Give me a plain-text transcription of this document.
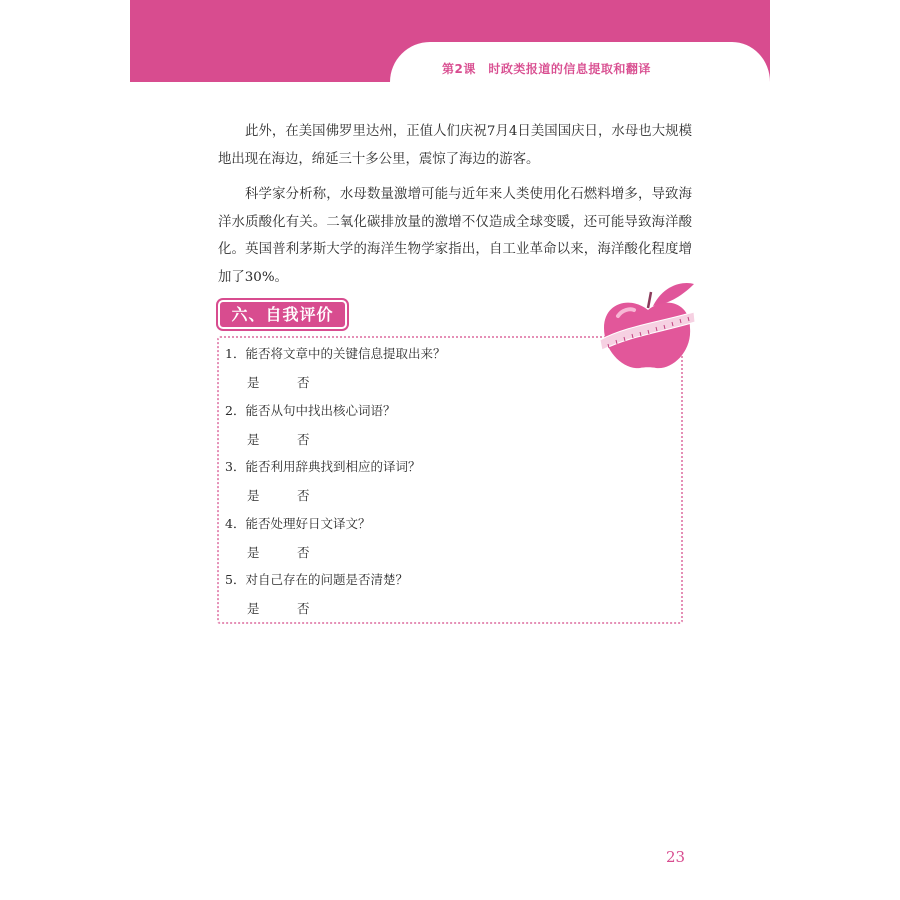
第2课　时政类报道的信息提取和翻译

此外，在美国佛罗里达州，正值人们庆祝7月4日美国国庆日，水母也大规模地出现在海边，绵延三十多公里，震惊了海边的游客。

科学家分析称，水母数量激增可能与近年来人类使用化石燃料增多，导致海洋水质酸化有关。二氧化碳排放量的激增不仅造成全球变暖，还可能导致海洋酸化。英国普利茅斯大学的海洋生物学家指出，自工业革命以来，海洋酸化程度增加了30%。

六、自我评价
1．能否将文章中的关键信息提取出来？
是	否
2．能否从句中找出核心词语？
是	否
3．能否利用辞典找到相应的译词？
是	否
4．能否处理好日文译文？
是	否
5．对自己存在的问题是否清楚？
是	否
23
